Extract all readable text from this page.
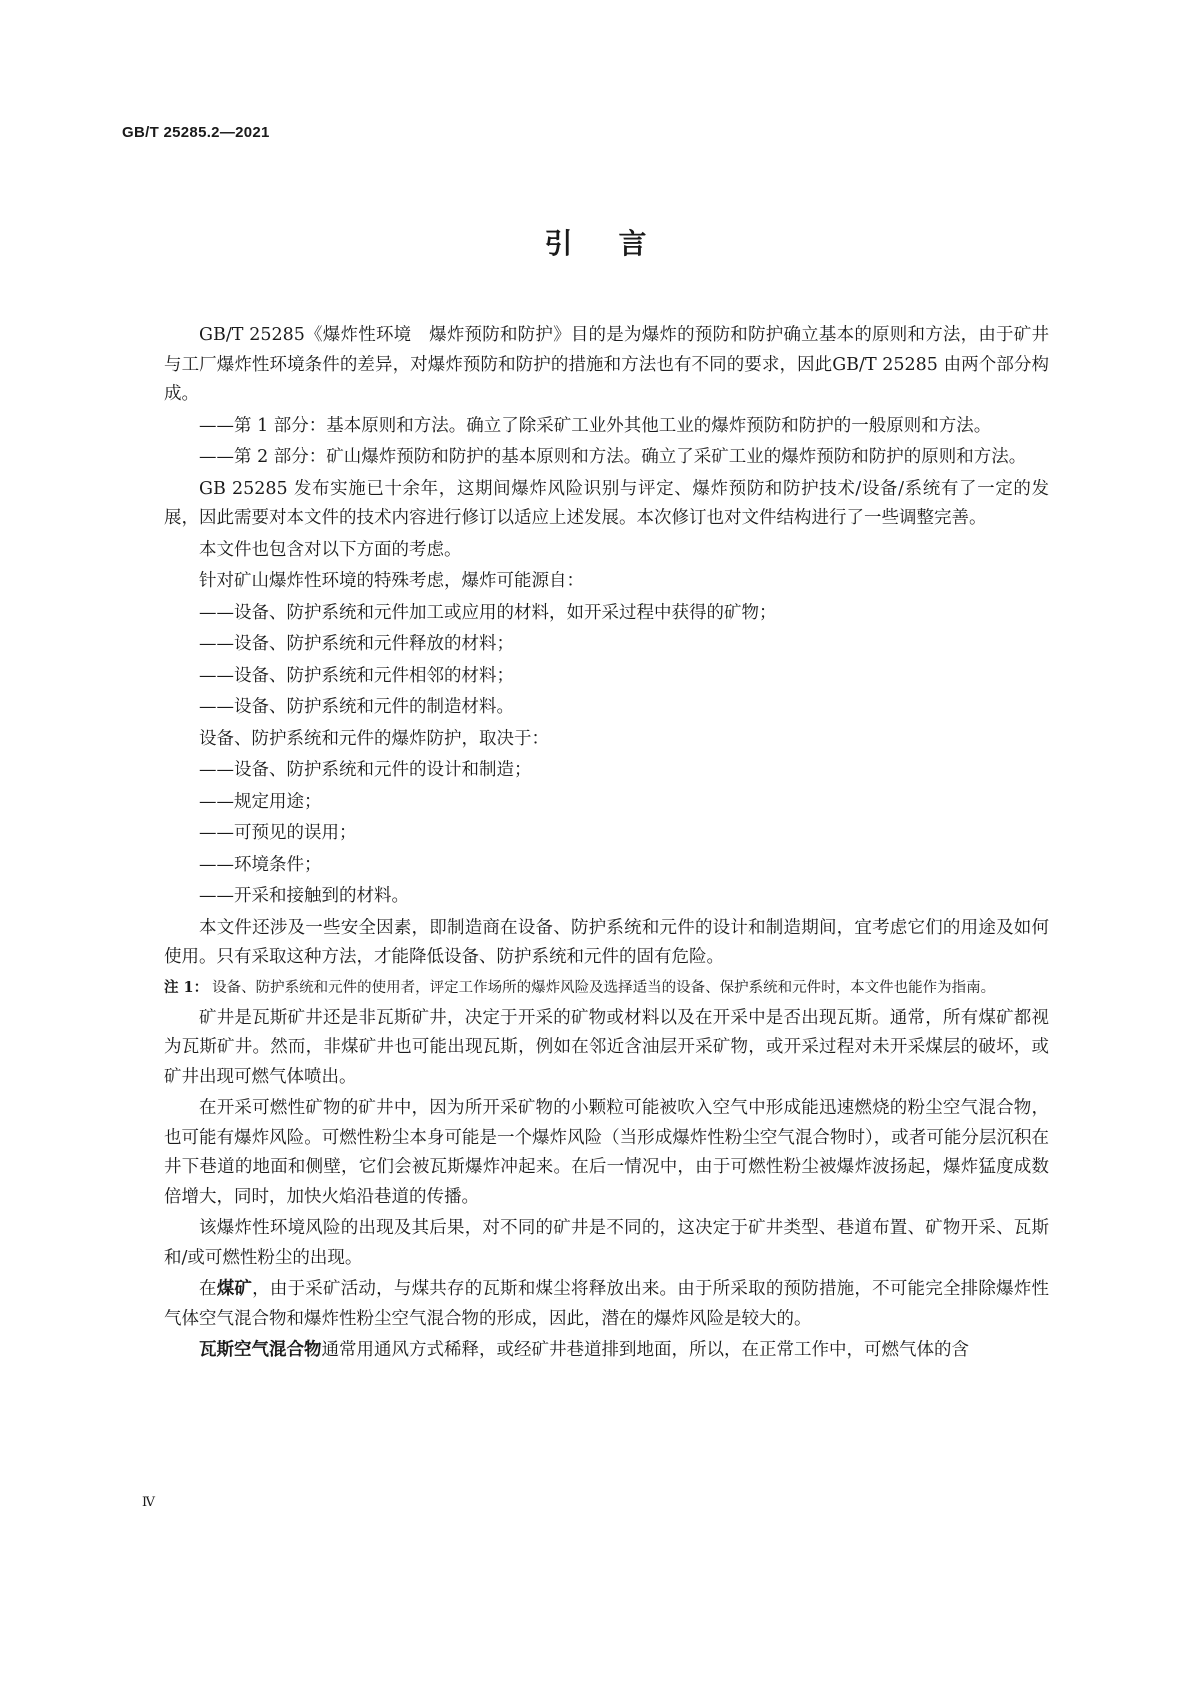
GB/T 25285.2—2021
引言

GB/T 25285《爆炸性环境　爆炸预防和防护》目的是为爆炸的预防和防护确立基本的原则和方法，由于矿井与工厂爆炸性环境条件的差异，对爆炸预防和防护的措施和方法也有不同的要求，因此GB/T 25285 由两个部分构成。

——第 1 部分：基本原则和方法。确立了除采矿工业外其他工业的爆炸预防和防护的一般原则和方法。

——第 2 部分：矿山爆炸预防和防护的基本原则和方法。确立了采矿工业的爆炸预防和防护的原则和方法。

GB 25285 发布实施已十余年，这期间爆炸风险识别与评定、爆炸预防和防护技术/设备/系统有了一定的发展，因此需要对本文件的技术内容进行修订以适应上述发展。本次修订也对文件结构进行了一些调整完善。

本文件也包含对以下方面的考虑。

针对矿山爆炸性环境的特殊考虑，爆炸可能源自：

——设备、防护系统和元件加工或应用的材料，如开采过程中获得的矿物；

——设备、防护系统和元件释放的材料；

——设备、防护系统和元件相邻的材料；

——设备、防护系统和元件的制造材料。

设备、防护系统和元件的爆炸防护，取决于：

——设备、防护系统和元件的设计和制造；

——规定用途；

——可预见的误用；

——环境条件；

——开采和接触到的材料。

本文件还涉及一些安全因素，即制造商在设备、防护系统和元件的设计和制造期间，宜考虑它们的用途及如何使用。只有采取这种方法，才能降低设备、防护系统和元件的固有危险。

注 1： 设备、防护系统和元件的使用者，评定工作场所的爆炸风险及选择适当的设备、保护系统和元件时，本文件也能作为指南。

矿井是瓦斯矿井还是非瓦斯矿井，决定于开采的矿物或材料以及在开采中是否出现瓦斯。通常，所有煤矿都视为瓦斯矿井。然而，非煤矿井也可能出现瓦斯，例如在邻近含油层开采矿物，或开采过程对未开采煤层的破坏，或矿井出现可燃气体喷出。

在开采可燃性矿物的矿井中，因为所开采矿物的小颗粒可能被吹入空气中形成能迅速燃烧的粉尘空气混合物，也可能有爆炸风险。可燃性粉尘本身可能是一个爆炸风险（当形成爆炸性粉尘空气混合物时），或者可能分层沉积在井下巷道的地面和侧壁，它们会被瓦斯爆炸冲起来。在后一情况中，由于可燃性粉尘被爆炸波扬起，爆炸猛度成数倍增大，同时，加快火焰沿巷道的传播。

该爆炸性环境风险的出现及其后果，对不同的矿井是不同的，这决定于矿井类型、巷道布置、矿物开采、瓦斯和/或可燃性粉尘的出现。

在煤矿，由于采矿活动，与煤共存的瓦斯和煤尘将释放出来。由于所采取的预防措施，不可能完全排除爆炸性气体空气混合物和爆炸性粉尘空气混合物的形成，因此，潜在的爆炸风险是较大的。

瓦斯空气混合物通常用通风方式稀释，或经矿井巷道排到地面，所以，在正常工作中，可燃气体的含

Ⅳ
